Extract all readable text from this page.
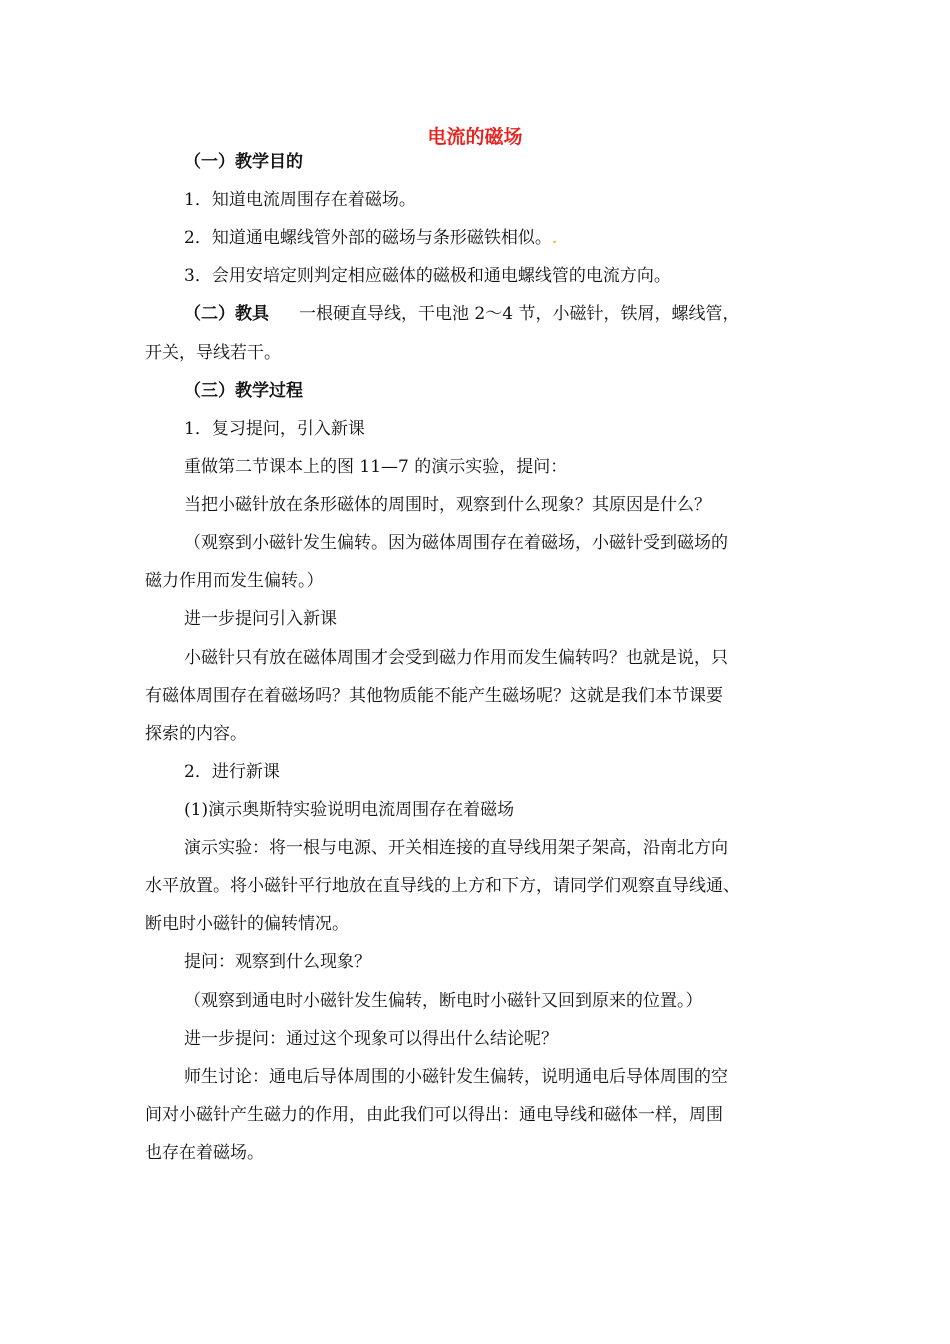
电流的磁场
（一）教学目的
1．知道电流周围存在着磁场。
2．知道通电螺线管外部的磁场与条形磁铁相似。.
3．会用安培定则判定相应磁体的磁极和通电螺线管的电流方向。
（二）教具 一根硬直导线，干电池 2～4 节，小磁针，铁屑，螺线管，
开关，导线若干。
（三）教学过程
1．复习提问，引入新课
重做第二节课本上的图 11—7 的演示实验，提问：
当把小磁针放在条形磁体的周围时，观察到什么现象？其原因是什么？
（观察到小磁针发生偏转。因为磁体周围存在着磁场，小磁针受到磁场的
磁力作用而发生偏转。）
进一步提问引入新课
小磁针只有放在磁体周围才会受到磁力作用而发生偏转吗？也就是说，只
有磁体周围存在着磁场吗？其他物质能不能产生磁场呢？这就是我们本节课要
探索的内容。
2．进行新课
(1)演示奥斯特实验说明电流周围存在着磁场
演示实验：将一根与电源、开关相连接的直导线用架子架高，沿南北方向
水平放置。将小磁针平行地放在直导线的上方和下方，请同学们观察直导线通、
断电时小磁针的偏转情况。
提问：观察到什么现象？
（观察到通电时小磁针发生偏转，断电时小磁针又回到原来的位置。）
进一步提问：通过这个现象可以得出什么结论呢？
师生讨论：通电后导体周围的小磁针发生偏转，说明通电后导体周围的空
间对小磁针产生磁力的作用，由此我们可以得出：通电导线和磁体一样，周围
也存在着磁场。
